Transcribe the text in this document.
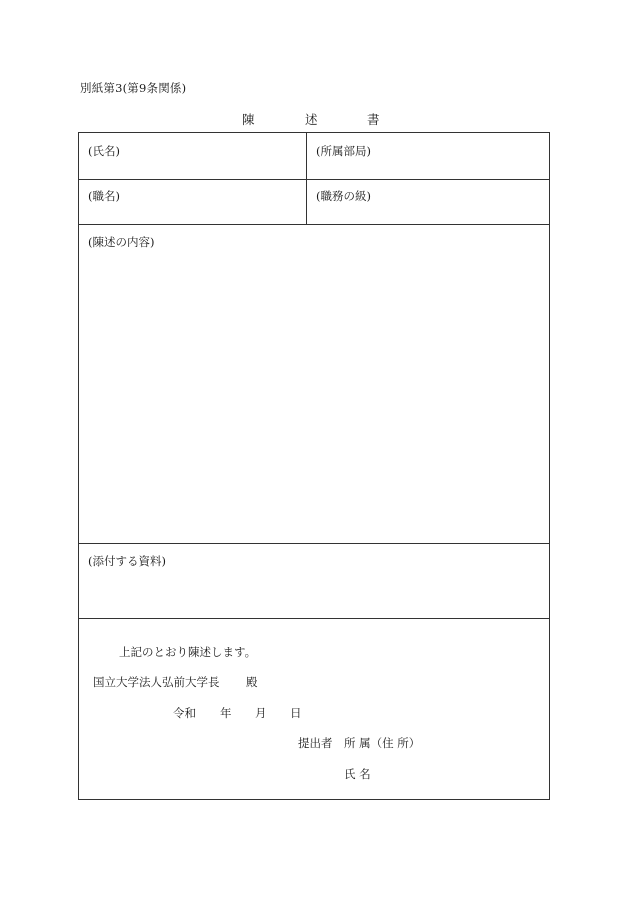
別紙第3(第9条関係)
陳	述	書
(氏名)	(所属部局)
(職名)	(職務の級)
(陳述の内容)
(添付する資料)
上記のとおり陳述します。
国立大学法人弘前大学長 殿
令和 年 月 日
提出者 所 属（住 所）
氏 名
